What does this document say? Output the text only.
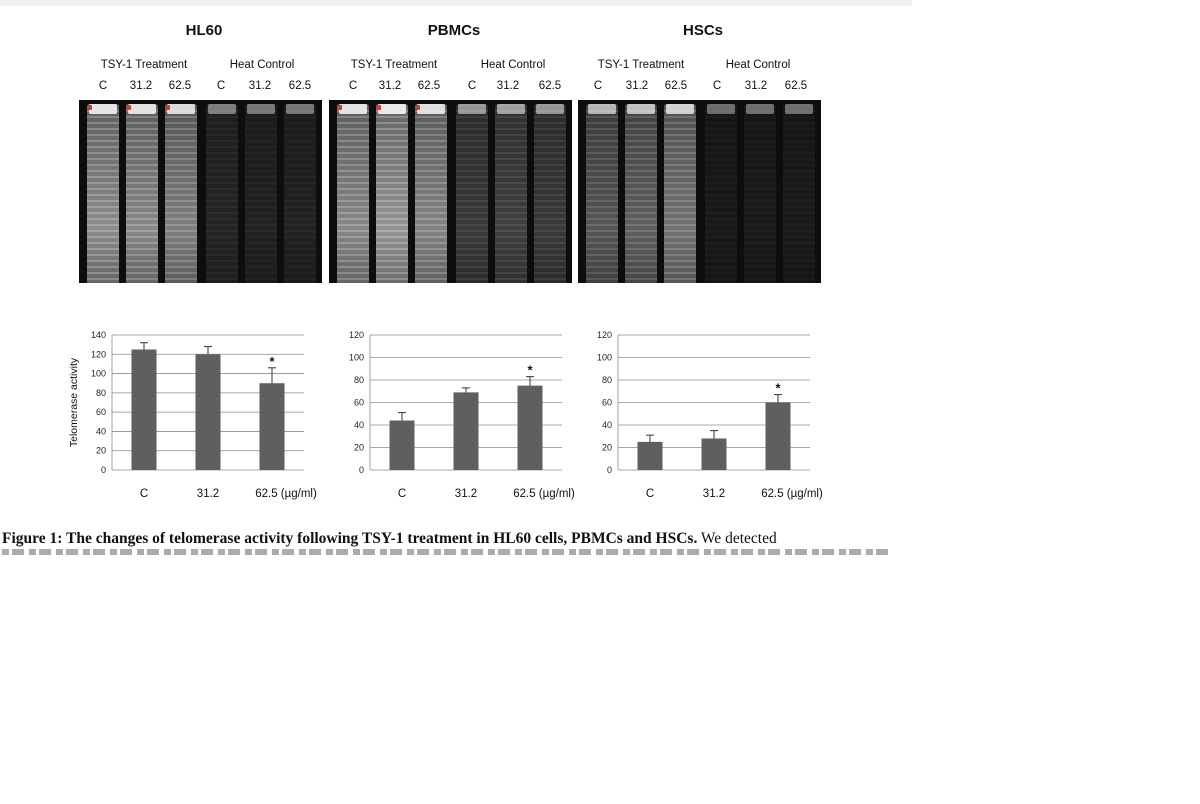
HL60
TSY-1 Treatment	Heat Control
C	31.2	62.5	C	31.2	62.5
PBMCs
TSY-1 Treatment	Heat Control
C	31.2	62.5	C	31.2	62.5
HSCs
TSY-1 Treatment	Heat Control
C	31.2	62.5	C	31.2	62.5
0
20
40
60
80
100
120
140
Telomerase activity
C	31.2
*
62.5 (µg/ml)
0
20
40
60
80
100
120
C	31.2
*
62.5 (µg/ml)
0
20
40
60
80
100
120
C	31.2
*
62.5 (µg/ml)
Figure 1: The changes of telomerase activity following TSY-1 treatment in HL60 cells, PBMCs and HSCs. We detected
